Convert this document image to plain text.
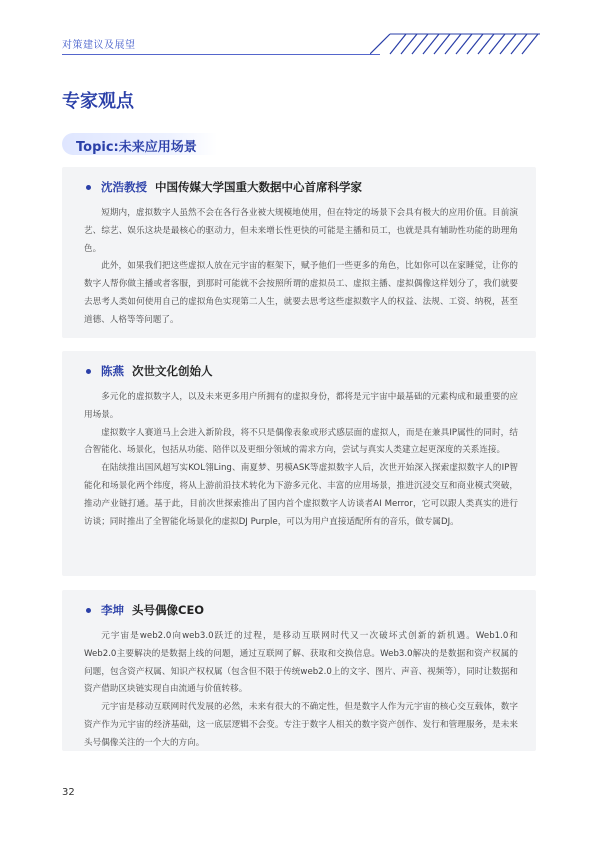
对策建议及展望
专家观点
Topic:未来应用场景
沈浩教授 中国传媒大学国重大数据中心首席科学家

短期内，虚拟数字人虽然不会在各行各业被大规模地使用，但在特定的场景下会具有极大的应用价值。目前演艺、综艺、娱乐这块是最核心的驱动力，但未来增长性更快的可能是主播和员工，也就是具有辅助性功能的助理角色。

此外，如果我们把这些虚拟人放在元宇宙的框架下，赋予他们一些更多的角色，比如你可以在家睡觉，让你的数字人帮你做主播或者客服，到那时可能就不会按照所谓的虚拟员工、虚拟主播、虚拟偶像这样划分了，我们就要去思考人类如何使用自己的虚拟角色实现第二人生，就要去思考这些虚拟数字人的权益、法规、工资、纳税，甚至道德、人格等等问题了。

陈燕 次世文化创始人

多元化的虚拟数字人，以及未来更多用户所拥有的虚拟身份，都将是元宇宙中最基础的元素构成和最重要的应用场景。

虚拟数字人赛道马上会进入新阶段，将不只是偶像表象或形式感层面的虚拟人，而是在兼具IP属性的同时，结合智能化、场景化，包括从功能、陪伴以及更细分领域的需求方向，尝试与真实人类建立起更深度的关系连接。

在陆续推出国风超写实KOL翎Ling、南夏梦、男模ASK等虚拟数字人后，次世开始深入探索虚拟数字人的IP智能化和场景化两个纬度，将从上游前沿技术转化为下游多元化、丰富的应用场景，推进沉浸交互和商业模式突破，推动产业链打通。基于此，目前次世探索推出了国内首个虚拟数字人访谈者AI Merror，它可以跟人类真实的进行访谈；同时推出了全智能化场景化的虚拟DJ Purple，可以为用户直接适配所有的音乐，做专属DJ。

李坤 头号偶像CEO

元宇宙是web2.0向web3.0跃迁的过程，是移动互联网时代又一次破坏式创新的新机遇。Web1.0和　Web2.0主要解决的是数据上线的问题，通过互联网了解、获取和交换信息。Web3.0解决的是数据和资产权属的问题，包含资产权属、知识产权权属（包含但不限于传统web2.0上的文字、图片、声音、视频等），同时让数据和资产借助区块链实现自由流通与价值转移。

元宇宙是移动互联网时代发展的必然，未来有很大的不确定性，但是数字人作为元宇宙的核心交互载体，数字资产作为元宇宙的经济基础，这一底层逻辑不会变。专注于数字人相关的数字资产创作、发行和管理服务，是未来头号偶像关注的一个大的方向。

32
